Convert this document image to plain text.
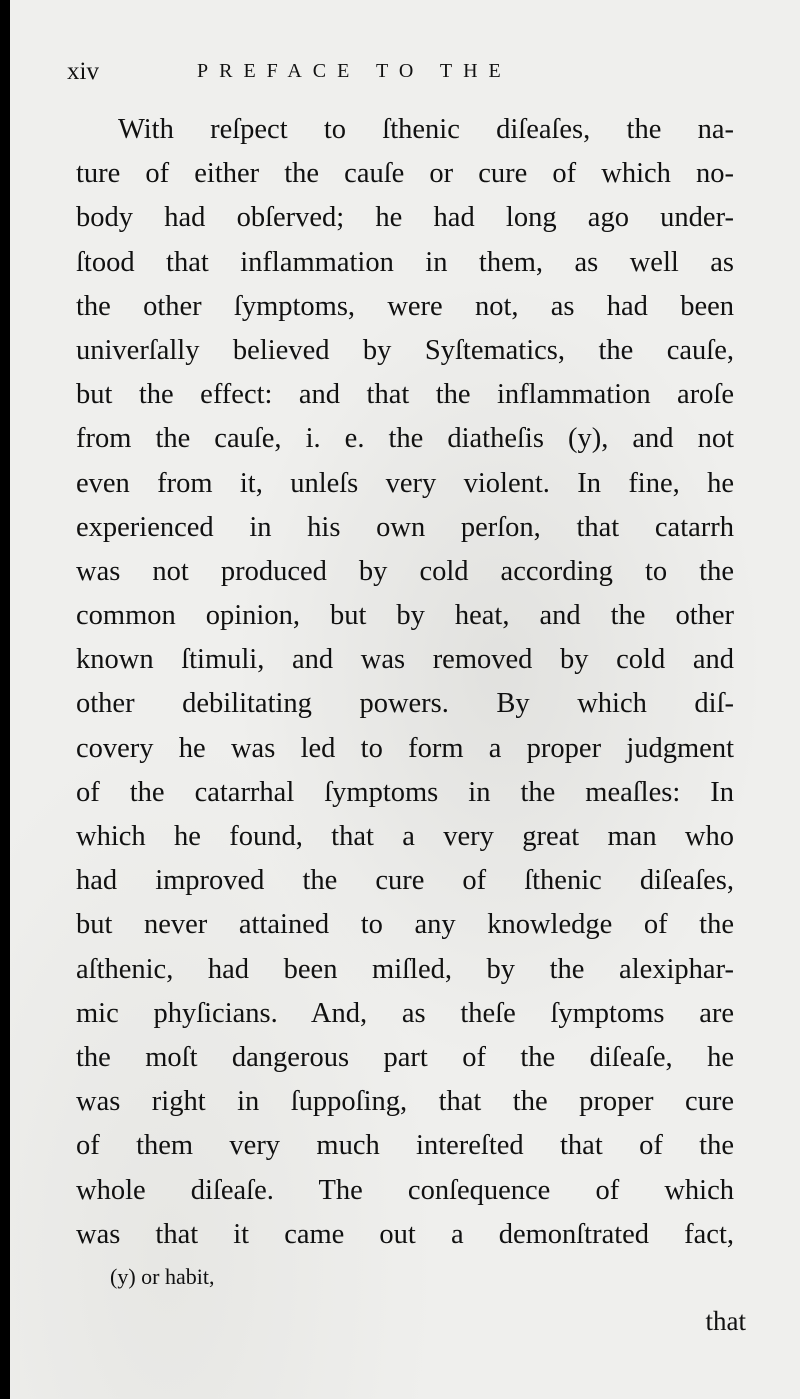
xiv	PREFACE TO THE
With reſpect to ſthenic diſeaſes, the na-
ture of either the cauſe or cure of which no-
body had obſerved; he had long ago under-
ſtood that inflammation in them, as well as
the other ſymptoms, were not, as had been
univerſally believed by Syſtematics, the cauſe,
but the effect: and that the inflammation aroſe
from the cauſe, i. e. the diatheſis (y), and not
even from it, unleſs very violent. In fine, he
experienced in his own perſon, that catarrh
was not produced by cold according to the
common opinion, but by heat, and the other
known ſtimuli, and was removed by cold and
other debilitating powers. By which diſ-
covery he was led to form a proper judgment
of the catarrhal ſymptoms in the meaſles: In
which he found, that a very great man who
had improved the cure of ſthenic diſeaſes,
but never attained to any knowledge of the
aſthenic, had been miſled, by the alexiphar-
mic phyſicians. And, as theſe ſymptoms are
the moſt dangerous part of the diſeaſe, he
was right in ſuppoſing, that the proper cure
of them very much intereſted that of the
whole diſeaſe. The conſequence of which
was that it came out a demonſtrated fact,
(y) or habit,
that
